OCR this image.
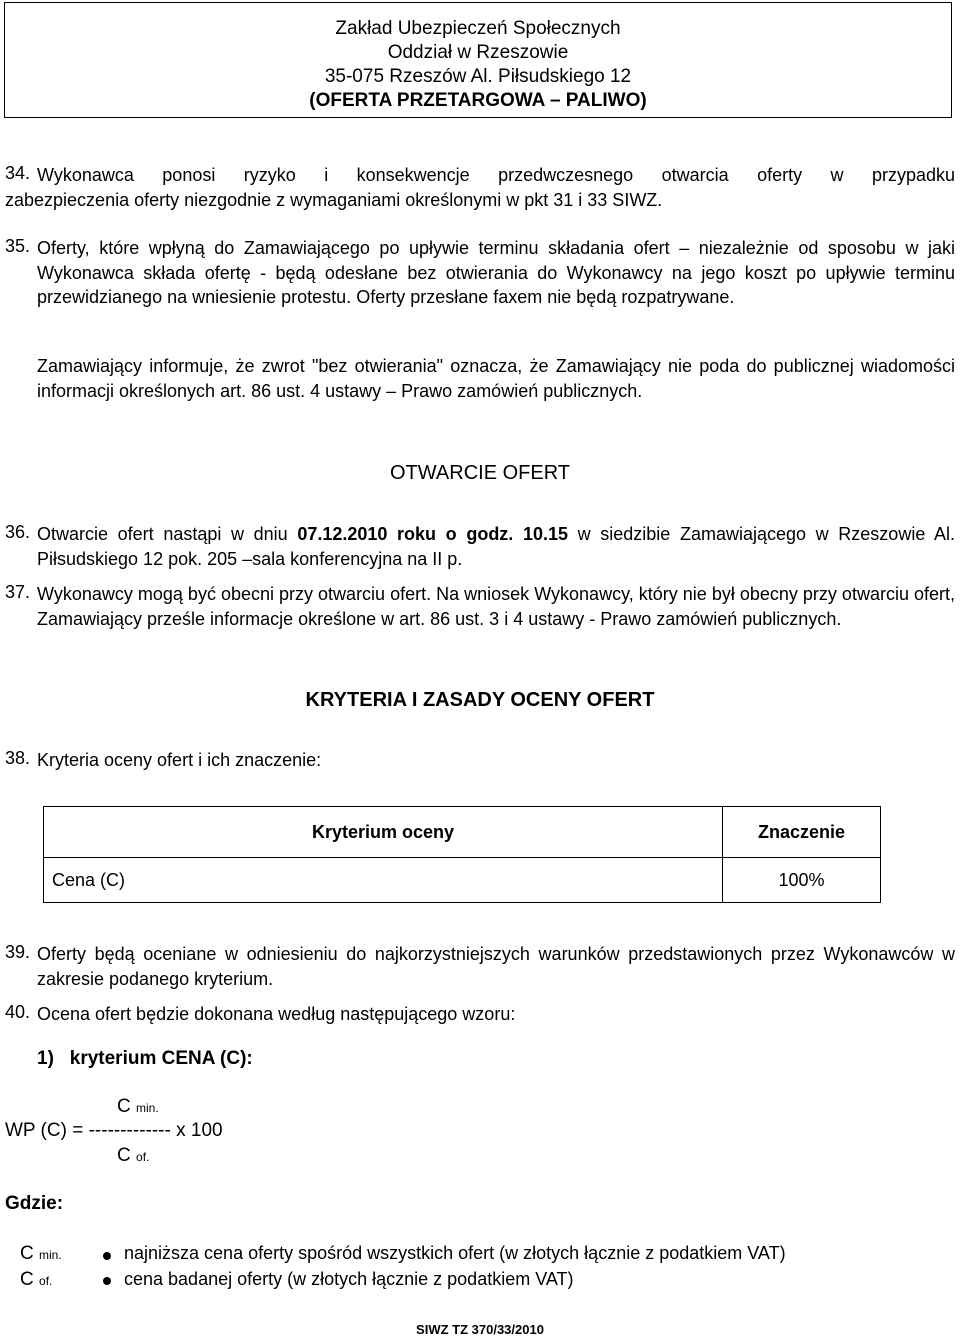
Zakład Ubezpieczeń Społecznych
Oddział w Rzeszowie
35-075 Rzeszów Al. Piłsudskiego 12
(OFERTA PRZETARGOWA – PALIWO)
34. Wykonawca ponosi ryzyko i konsekwencje przedwczesnego otwarcia oferty w przypadku
zabezpieczenia oferty niezgodnie z wymaganiami określonymi w pkt 31 i 33 SIWZ.
35. Oferty, które wpłyną do Zamawiającego po upływie terminu składania ofert – niezależnie od sposobu w jaki Wykonawca składa ofertę - będą odesłane bez otwierania do Wykonawcy na jego koszt po upływie terminu przewidzianego na wniesienie protestu. Oferty przesłane faxem nie będą rozpatrywane.
Zamawiający informuje, że zwrot "bez otwierania" oznacza, że Zamawiający nie poda do publicznej wiadomości informacji określonych art. 86 ust. 4 ustawy – Prawo zamówień publicznych.
OTWARCIE OFERT
36. Otwarcie ofert nastąpi w dniu 07.12.2010 roku o godz. 10.15 w siedzibie Zamawiającego w Rzeszowie Al. Piłsudskiego 12 pok. 205 –sala konferencyjna na II p.
37. Wykonawcy mogą być obecni przy otwarciu ofert. Na wniosek Wykonawcy, który nie był obecny przy otwarciu ofert, Zamawiający prześle informacje określone w art. 86 ust. 3 i 4 ustawy - Prawo zamówień publicznych.
KRYTERIA I ZASADY OCENY OFERT
38. Kryteria oceny ofert i ich znaczenie:
Kryterium oceny	Znaczenie
Cena (C)	100%
39. Oferty będą oceniane w odniesieniu do najkorzystniejszych warunków przedstawionych przez Wykonawców w zakresie podanego kryterium.
40. Ocena ofert będzie dokonana według następującego wzoru:
1) kryterium CENA (C):
C min.
WP (C) = ------------- x 100
C of.
Gdzie:
C min.	najniższa cena oferty spośród wszystkich ofert (w złotych łącznie z podatkiem VAT)
C of.	cena badanej oferty (w złotych łącznie z podatkiem VAT)
SIWZ TZ 370/33/2010
